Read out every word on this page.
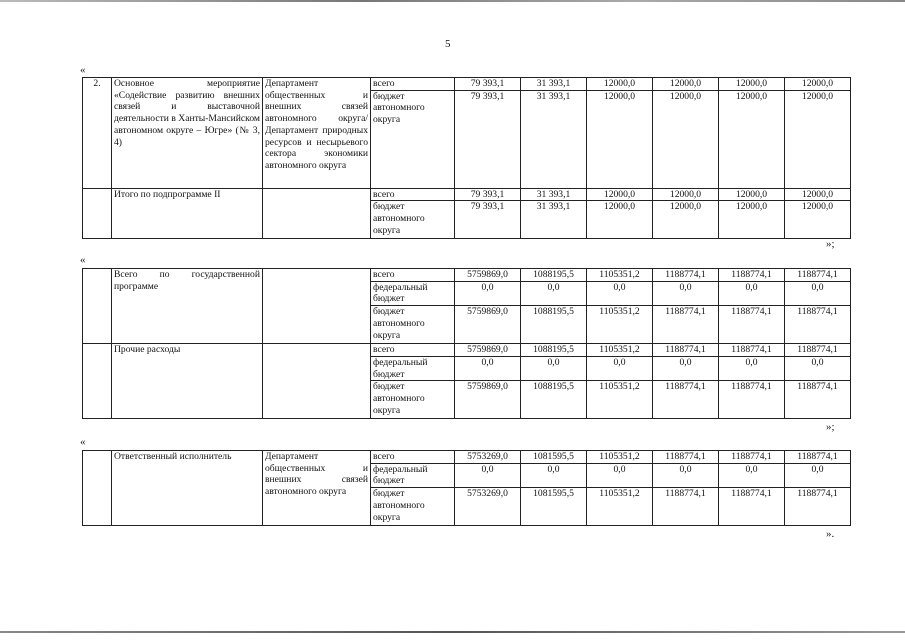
5
«
2.	Основное мероприятие «Содействие развитию внешних связей и выставочной деятельности в Ханты-Мансийском автономном округе – Югре» (№ 3, 4)	Департамент общественных и внешних связей автономного округа/Департамент природных ресурсов и несырьевого сектора экономики автономного округа	всего	79 393,1	31 393,1	12000,0	12000,0	12000,0	12000,0
			бюджет автономного округа	79 393,1	31 393,1	12000,0	12000,0	12000,0	12000,0
	Итого по подпрограмме II		всего	79 393,1	31 393,1	12000,0	12000,0	12000,0	12000,0
			бюджет автономного округа	79 393,1	31 393,1	12000,0	12000,0	12000,0	12000,0
»;
«
	Всего по государственной программе		всего	5759869,0	1088195,5	1105351,2	1188774,1	1188774,1	1188774,1
			федеральный бюджет	0,0	0,0	0,0	0,0	0,0	0,0
			бюджет автономного округа	5759869,0	1088195,5	1105351,2	1188774,1	1188774,1	1188774,1
	Прочие расходы		всего	5759869,0	1088195,5	1105351,2	1188774,1	1188774,1	1188774,1
			федеральный бюджет	0,0	0,0	0,0	0,0	0,0	0,0
			бюджет автономного округа	5759869,0	1088195,5	1105351,2	1188774,1	1188774,1	1188774,1
»;
«
	Ответственный исполнитель	Департамент общественных и внешних связей автономного округа	всего	5753269,0	1081595,5	1105351,2	1188774,1	1188774,1	1188774,1
			федеральный бюджет	0,0	0,0	0,0	0,0	0,0	0,0
			бюджет автономного округа	5753269,0	1081595,5	1105351,2	1188774,1	1188774,1	1188774,1
».
